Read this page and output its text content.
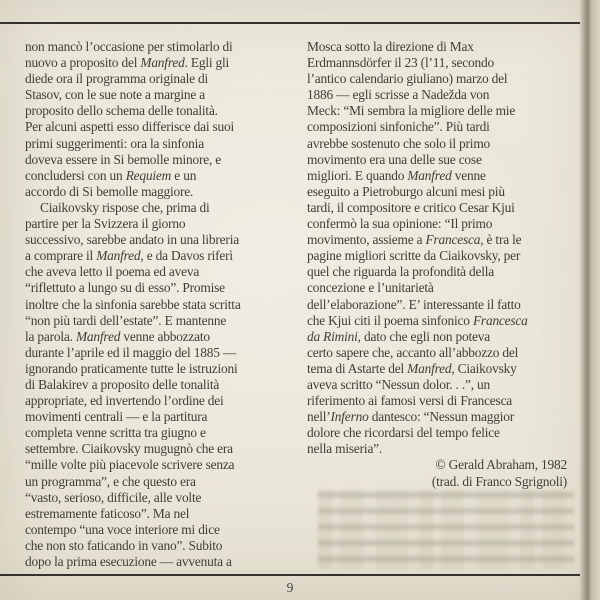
non mancò l’occasione per stimolarlo di
nuovo a proposito del Manfred. Egli gli
diede ora il programma originale di
Stasov, con le sue note a margine a
proposito dello schema delle tonalità.
Per alcuni aspetti esso differisce dai suoi
primi suggerimenti: ora la sinfonia
doveva essere in Si bemolle minore, e
concludersi con un Requiem e un
accordo di Si bemolle maggiore.
Ciaikovsky rispose che, prima di
partire per la Svizzera il giorno
successivo, sarebbe andato in una libreria
a comprare il Manfred, e da Davos riferì
che aveva letto il poema ed aveva
“riflettuto a lungo su di esso”. Promise
inoltre che la sinfonia sarebbe stata scritta
“non più tardi dell’estate”. E mantenne
la parola. Manfred venne abbozzato
durante l’aprile ed il maggio del 1885 —
ignorando praticamente tutte le istruzioni
di Balakirev a proposito delle tonalità
appropriate, ed invertendo l’ordine dei
movimenti centrali — e la partitura
completa venne scritta tra giugno e
settembre. Ciaikovsky mugugnò che era
“mille volte più piacevole scrivere senza
un programma”, e che questo era
“vasto, serioso, difficile, alle volte
estremamente faticoso”. Ma nel
contempo “una voce interiore mi dice
che non sto faticando in vano”. Subito
dopo la prima esecuzione — avvenuta a
Mosca sotto la direzione di Max
Erdmannsdörfer il 23 (l’11, secondo
l’antico calendario giuliano) marzo del
1886 — egli scrisse a Nadežda von
Meck: “Mi sembra la migliore delle mie
composizioni sinfoniche”. Più tardi
avrebbe sostenuto che solo il primo
movimento era una delle sue cose
migliori. E quando Manfred venne
eseguito a Pietroburgo alcuni mesi più
tardi, il compositore e critico Cesar Kjui
confermò la sua opinione: “Il primo
movimento, assieme a Francesca, è tra le
pagine migliori scritte da Ciaikovsky, per
quel che riguarda la profondità della
concezione e l’unitarietà
dell’elaborazione”. E’ interessante il fatto
che Kjui citi il poema sinfonico Francesca
da Rimini, dato che egli non poteva
certo sapere che, accanto all’abbozzo del
tema di Astarte del Manfred, Ciaikovsky
aveva scritto “Nessun dolor. . .”, un
riferimento ai famosi versi di Francesca
nell’Inferno dantesco: “Nessun maggior
dolore che ricordarsi del tempo felice
nella miseria”.
© Gerald Abraham, 1982
(trad. di Franco Sgrignoli)
9
